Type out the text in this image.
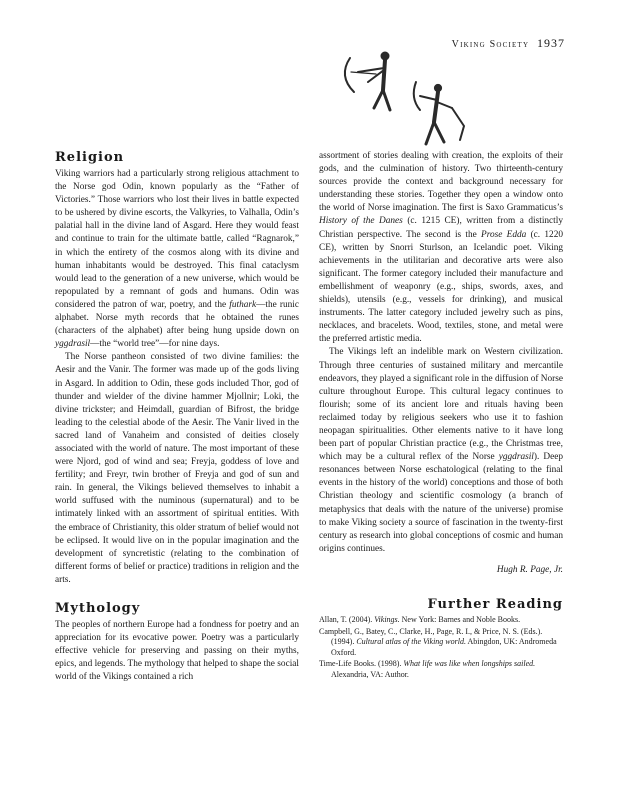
Viking Society 1937
Religion

Viking warriors had a particularly strong religious attachment to the Norse god Odin, known popularly as the “Father of Victories.” Those warriors who lost their lives in battle expected to be ushered by divine escorts, the Valkyries, to Valhalla, Odin’s palatial hall in the divine land of Asgard. Here they would feast and continue to train for the ultimate battle, called “Ragnarok,” in which the entirety of the cosmos along with its divine and human inhabitants would be destroyed. This final cataclysm would lead to the generation of a new universe, which would be repopulated by a remnant of gods and humans. Odin was considered the patron of war, poetry, and the futhark—the runic alphabet. Norse myth records that he obtained the runes (characters of the alphabet) after being hung upside down on yggdrasil—the “world tree”—for nine days.

The Norse pantheon consisted of two divine families: the Aesir and the Vanir. The former was made up of the gods living in Asgard. In addition to Odin, these gods included Thor, god of thunder and wielder of the divine hammer Mjollnir; Loki, the divine trickster; and Heimdall, guardian of Bifrost, the bridge leading to the celestial abode of the Aesir. The Vanir lived in the sacred land of Vanaheim and consisted of deities closely associated with the world of nature. The most important of these were Njord, god of wind and sea; Freyja, goddess of love and fertility; and Freyr, twin brother of Freyja and god of sun and rain. In general, the Vikings believed themselves to inhabit a world suffused with the numinous (supernatural) and to be intimately linked with an assortment of spiritual entities. With the embrace of Christianity, this older stratum of belief would not be eclipsed. It would live on in the popular imagination and the development of syncretistic (relating to the combination of different forms of belief or practice) traditions in religion and the arts.

Mythology

The peoples of northern Europe had a fondness for poetry and an appreciation for its evocative power. Poetry was a particularly effective vehicle for preserving and passing on their myths, epics, and legends. The mythology that helped to shape the social world of the Vikings contained a rich

assortment of stories dealing with creation, the exploits of their gods, and the culmination of history. Two thirteenth-century sources provide the context and background necessary for understanding these stories. Together they open a window onto the world of Norse imagination. The first is Saxo Grammaticus’s History of the Danes (c. 1215 CE), written from a distinctly Christian perspective. The second is the Prose Edda (c. 1220 CE), written by Snorri Sturlson, an Icelandic poet. Viking achievements in the utilitarian and decorative arts were also significant. The former category included their manufacture and embellishment of weaponry (e.g., ships, swords, axes, and shields), utensils (e.g., vessels for drinking), and musical instruments. The latter category included jewelry such as pins, necklaces, and bracelets. Wood, textiles, stone, and metal were the preferred artistic media.

The Vikings left an indelible mark on Western civilization. Through three centuries of sustained military and mercantile endeavors, they played a significant role in the diffusion of Norse culture throughout Europe. This cultural legacy continues to flourish; some of its ancient lore and rituals having been reclaimed today by religious seekers who use it to fashion neopagan spiritualities. Other elements native to it have long been part of popular Christian practice (e.g., the Christmas tree, which may be a cultural reflex of the Norse yggdrasil). Deep resonances between Norse eschatological (relating to the final events in the history of the world) conceptions and those of both Christian theology and scientific cosmology (a branch of metaphysics that deals with the nature of the universe) promise to make Viking society a source of fascination in the twenty-first century as research into global conceptions of cosmic and human origins continues.

Hugh R. Page, Jr.

Further Reading

Allan, T. (2004). Vikings. New York: Barnes and Noble Books.

Campbell, G., Batey, C., Clarke, H., Page, R. I., & Price, N. S. (Eds.). (1994). Cultural atlas of the Viking world. Abingdon, UK: Andromeda Oxford.

Time-Life Books. (1998). What life was like when longships sailed. Alexandria, VA: Author.
